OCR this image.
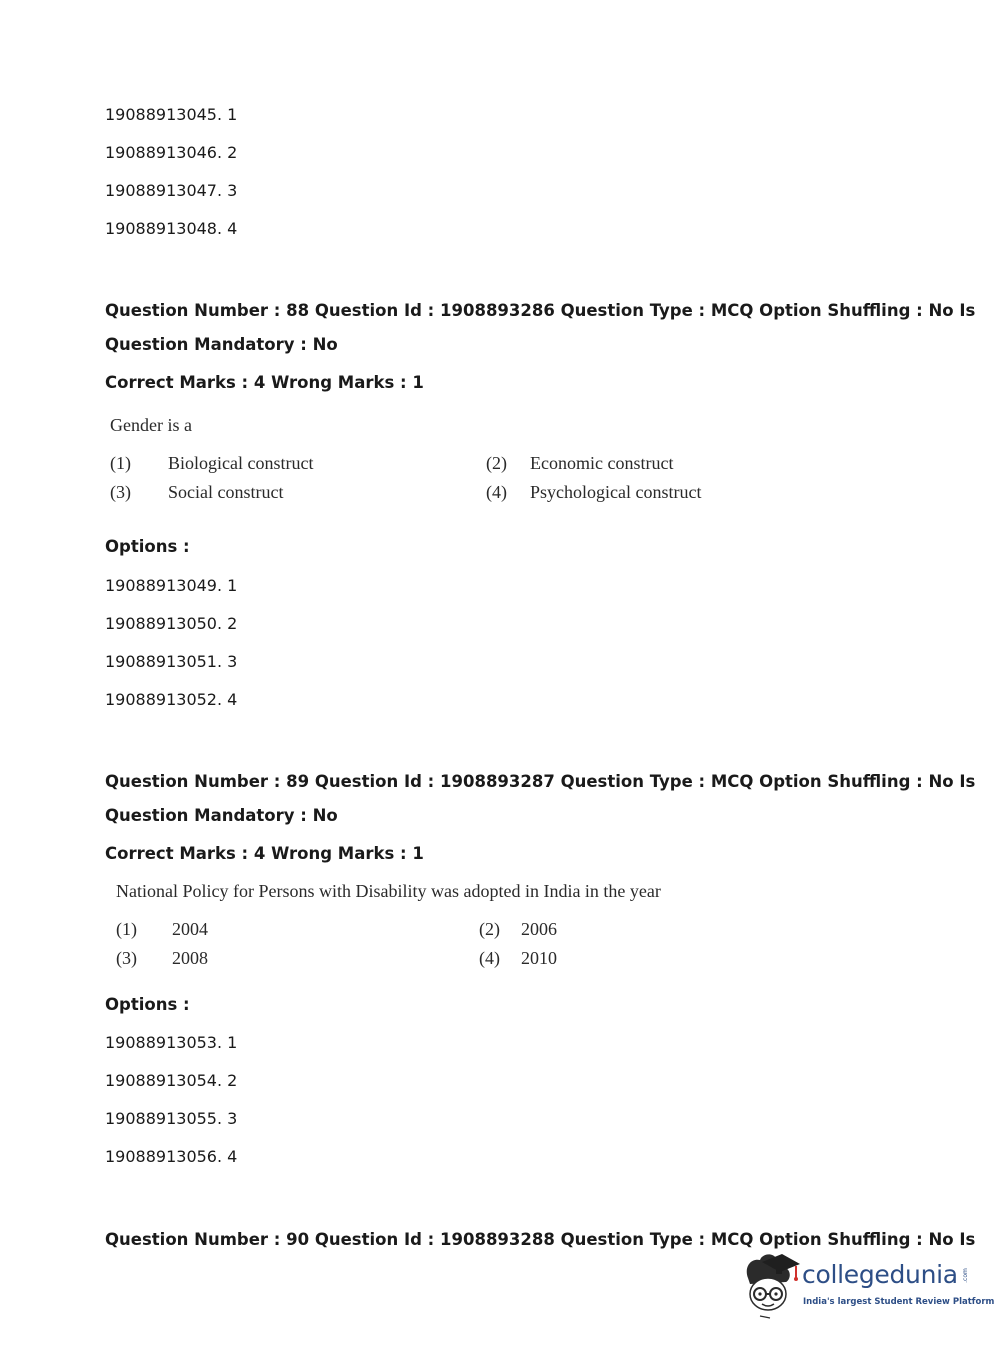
19088913045. 1
19088913046. 2
19088913047. 3
19088913048. 4
Question Number : 88 Question Id : 1908893286 Question Type : MCQ Option Shuffling : No Is
Question Mandatory : No
Correct Marks : 4 Wrong Marks : 1
Gender is a
(1) Biological construct	(2) Economic construct
(3) Social construct	(4) Psychological construct
Options :
19088913049. 1
19088913050. 2
19088913051. 3
19088913052. 4
Question Number : 89 Question Id : 1908893287 Question Type : MCQ Option Shuffling : No Is
Question Mandatory : No
Correct Marks : 4 Wrong Marks : 1
National Policy for Persons with Disability was adopted in India in the year
(1) 2004	(2) 2006
(3) 2008	(4) 2010
Options :
19088913053. 1
19088913054. 2
19088913055. 3
19088913056. 4
Question Number : 90 Question Id : 1908893288 Question Type : MCQ Option Shuffling : No Is
collegedunia .com
India's largest Student Review Platform
